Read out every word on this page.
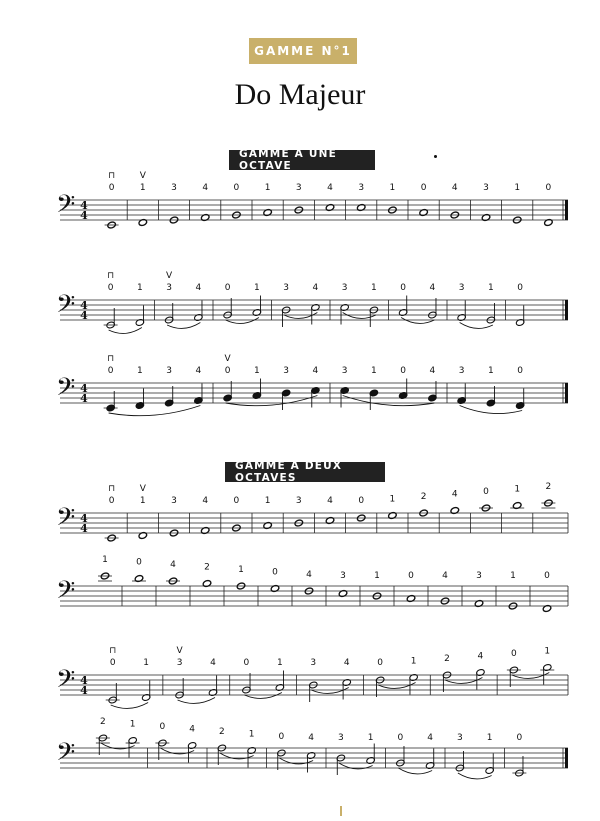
GAMME N°1
Do Majeur
GAMME À UNE OCTAVE
GAMME À DEUX OCTAVES
𝄢 4
4
0	1	3	4	0	1	3	4	3	1	0	4	3	1	0
⊓	V
𝄢 4
4
0	1	3	4	0	1	3	4	3	1	0	4	3	1	0
⊓	V
𝄢 4
4
0	1	3	4	0	1	3	4	3	1	0	4	3	1	0
⊓	V
𝄢 4
4
0	1	3	4	0	1	3	4	0	1	2	4	0	1	2
⊓	V
𝄢
1	0	4	2	1	0	4	3	1	0	4	3	1	0
𝄢 4
4
0	1	3	4	0	1	3	4	0	1	2	4	0	1
⊓	V
𝄢
2	1	0	4	2	1	0	4	3	1	0	4	3	1	0
